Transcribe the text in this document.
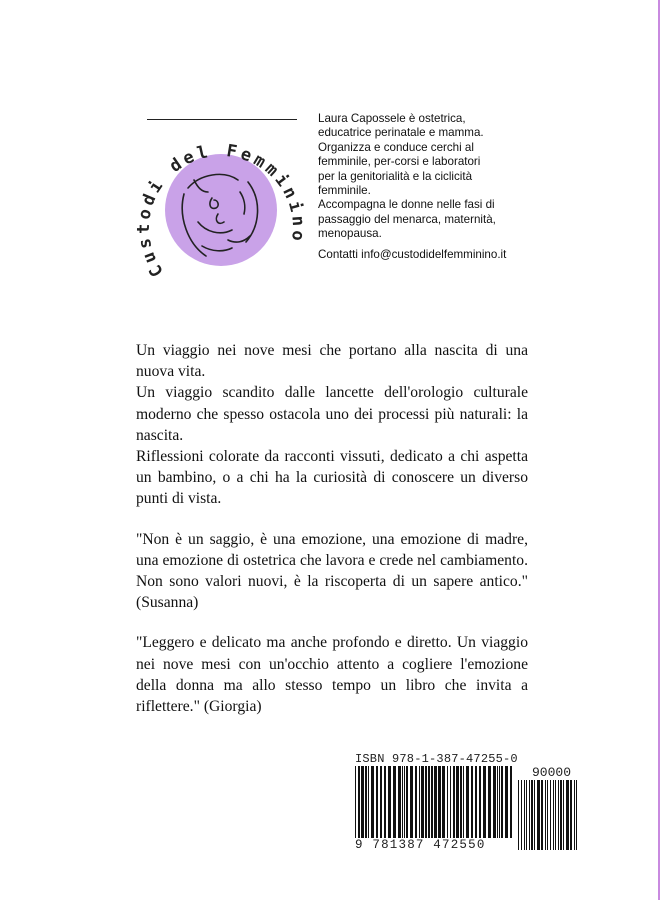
Custodi del Femminino

Laura Capossele è ostetrica,

educatrice perinatale e mamma.

Organizza e conduce cerchi al

femminile, per-corsi e laboratori

per la genitorialità e la ciclicità

femminile.

Accompagna le donne nelle fasi di

passaggio del menarca, maternità,

menopausa.

Contatti info@custodidelfemminino.it

Un viaggio nei nove mesi che portano alla nascita di una nuova vita.

Un viaggio scandito dalle lancette dell'orologio culturale moderno che spesso ostacola uno dei processi più naturali: la nascita.

Riflessioni colorate da racconti vissuti, dedicato a chi aspetta un bambino, o a chi ha la curiosità di conoscere un diverso punti di vista.

"Non è un saggio, è una emozione, una emozione di madre, una emozione di ostetrica che lavora e crede nel cambiamento. Non sono valori nuovi, è la riscoperta di un sapere antico." (Susanna)

"Leggero e delicato ma anche profondo e diretto. Un viaggio nei nove mesi con un'occhio attento a cogliere l'emozione della donna ma allo stesso tempo un libro che invita a riflettere." (Giorgia)

ISBN 978-1-387-47255-0
90000
9 781387 472550
